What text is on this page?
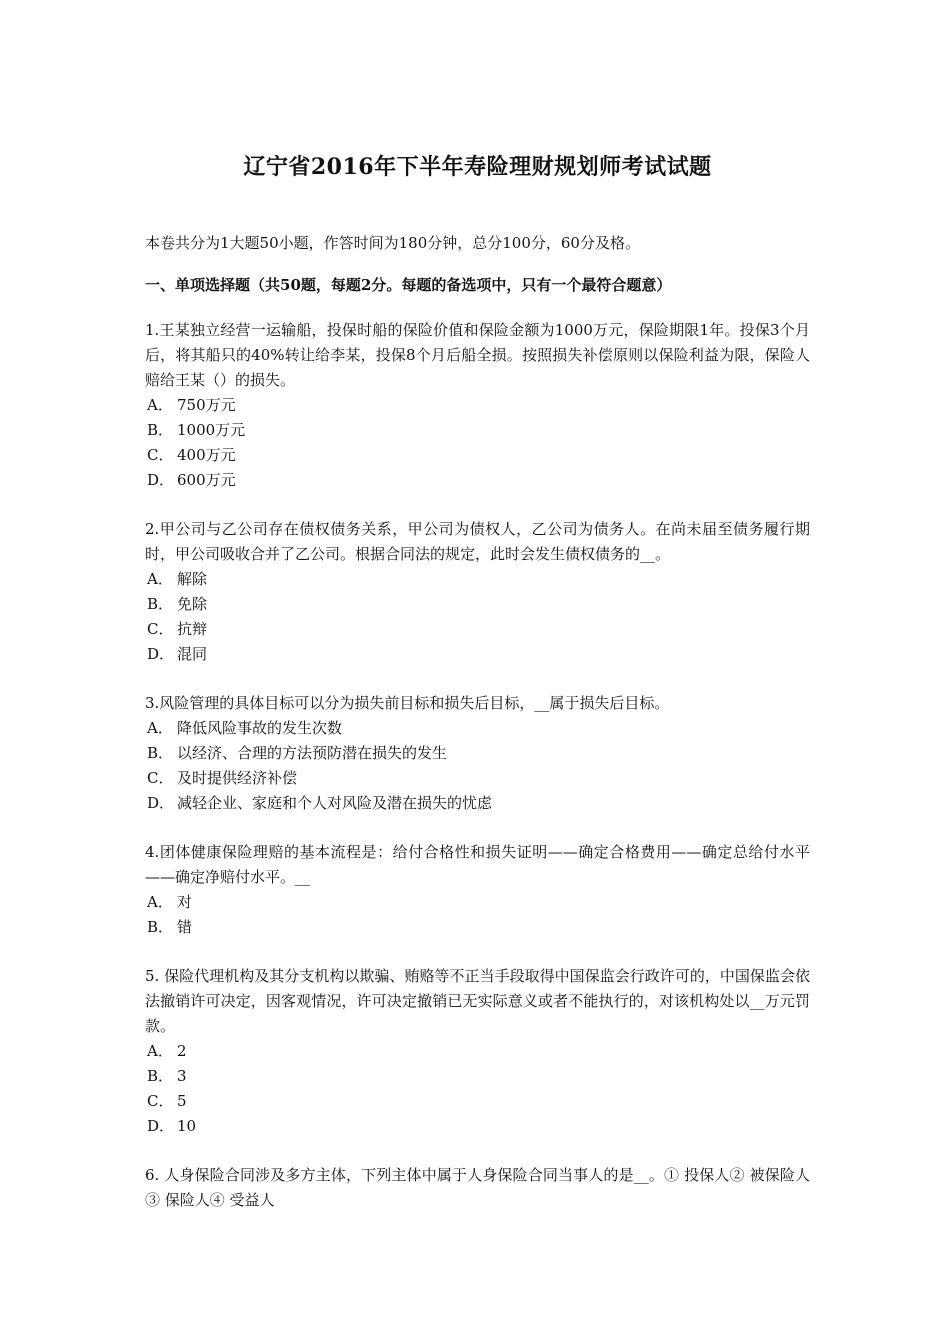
辽宁省2016年下半年寿险理财规划师考试试题

本卷共分为1大题50小题，作答时间为180分钟，总分100分，60分及格。

一、单项选择题（共50题，每题2分。每题的备选项中，只有一个最符合题意）

1.王某独立经营一运输船，投保时船的保险价值和保险金额为1000万元，保险期限1年。投保3个月后，将其船只的40%转让给李某，投保8个月后船全损。按照损失补偿原则以保险利益为限，保险人赔给王某（）的损失。

A． 750万元
B． 1000万元
C． 400万元
D． 600万元

2.甲公司与乙公司存在债权债务关系，甲公司为债权人，乙公司为债务人。在尚未届至债务履行期时，甲公司吸收合并了乙公司。根据合同法的规定，此时会发生债权债务的__。

A． 解除
B． 免除
C． 抗辩
D． 混同

3.风险管理的具体目标可以分为损失前目标和损失后目标，__属于损失后目标。

A． 降低风险事故的发生次数
B． 以经济、合理的方法预防潜在损失的发生
C． 及时提供经济补偿
D． 减轻企业、家庭和个人对风险及潜在损失的忧虑

4.团体健康保险理赔的基本流程是：给付合格性和损失证明——确定合格费用——确定总给付水平——确定净赔付水平。__

A． 对
B． 错

5. 保险代理机构及其分支机构以欺骗、贿赂等不正当手段取得中国保监会行政许可的，中国保监会依法撤销许可决定，因客观情况，许可决定撤销已无实际意义或者不能执行的，对该机构处以__万元罚款。

A． 2
B． 3
C． 5
D． 10

6. 人身保险合同涉及多方主体，下列主体中属于人身保险合同当事人的是__。① 投保人② 被保险人③ 保险人④ 受益人
